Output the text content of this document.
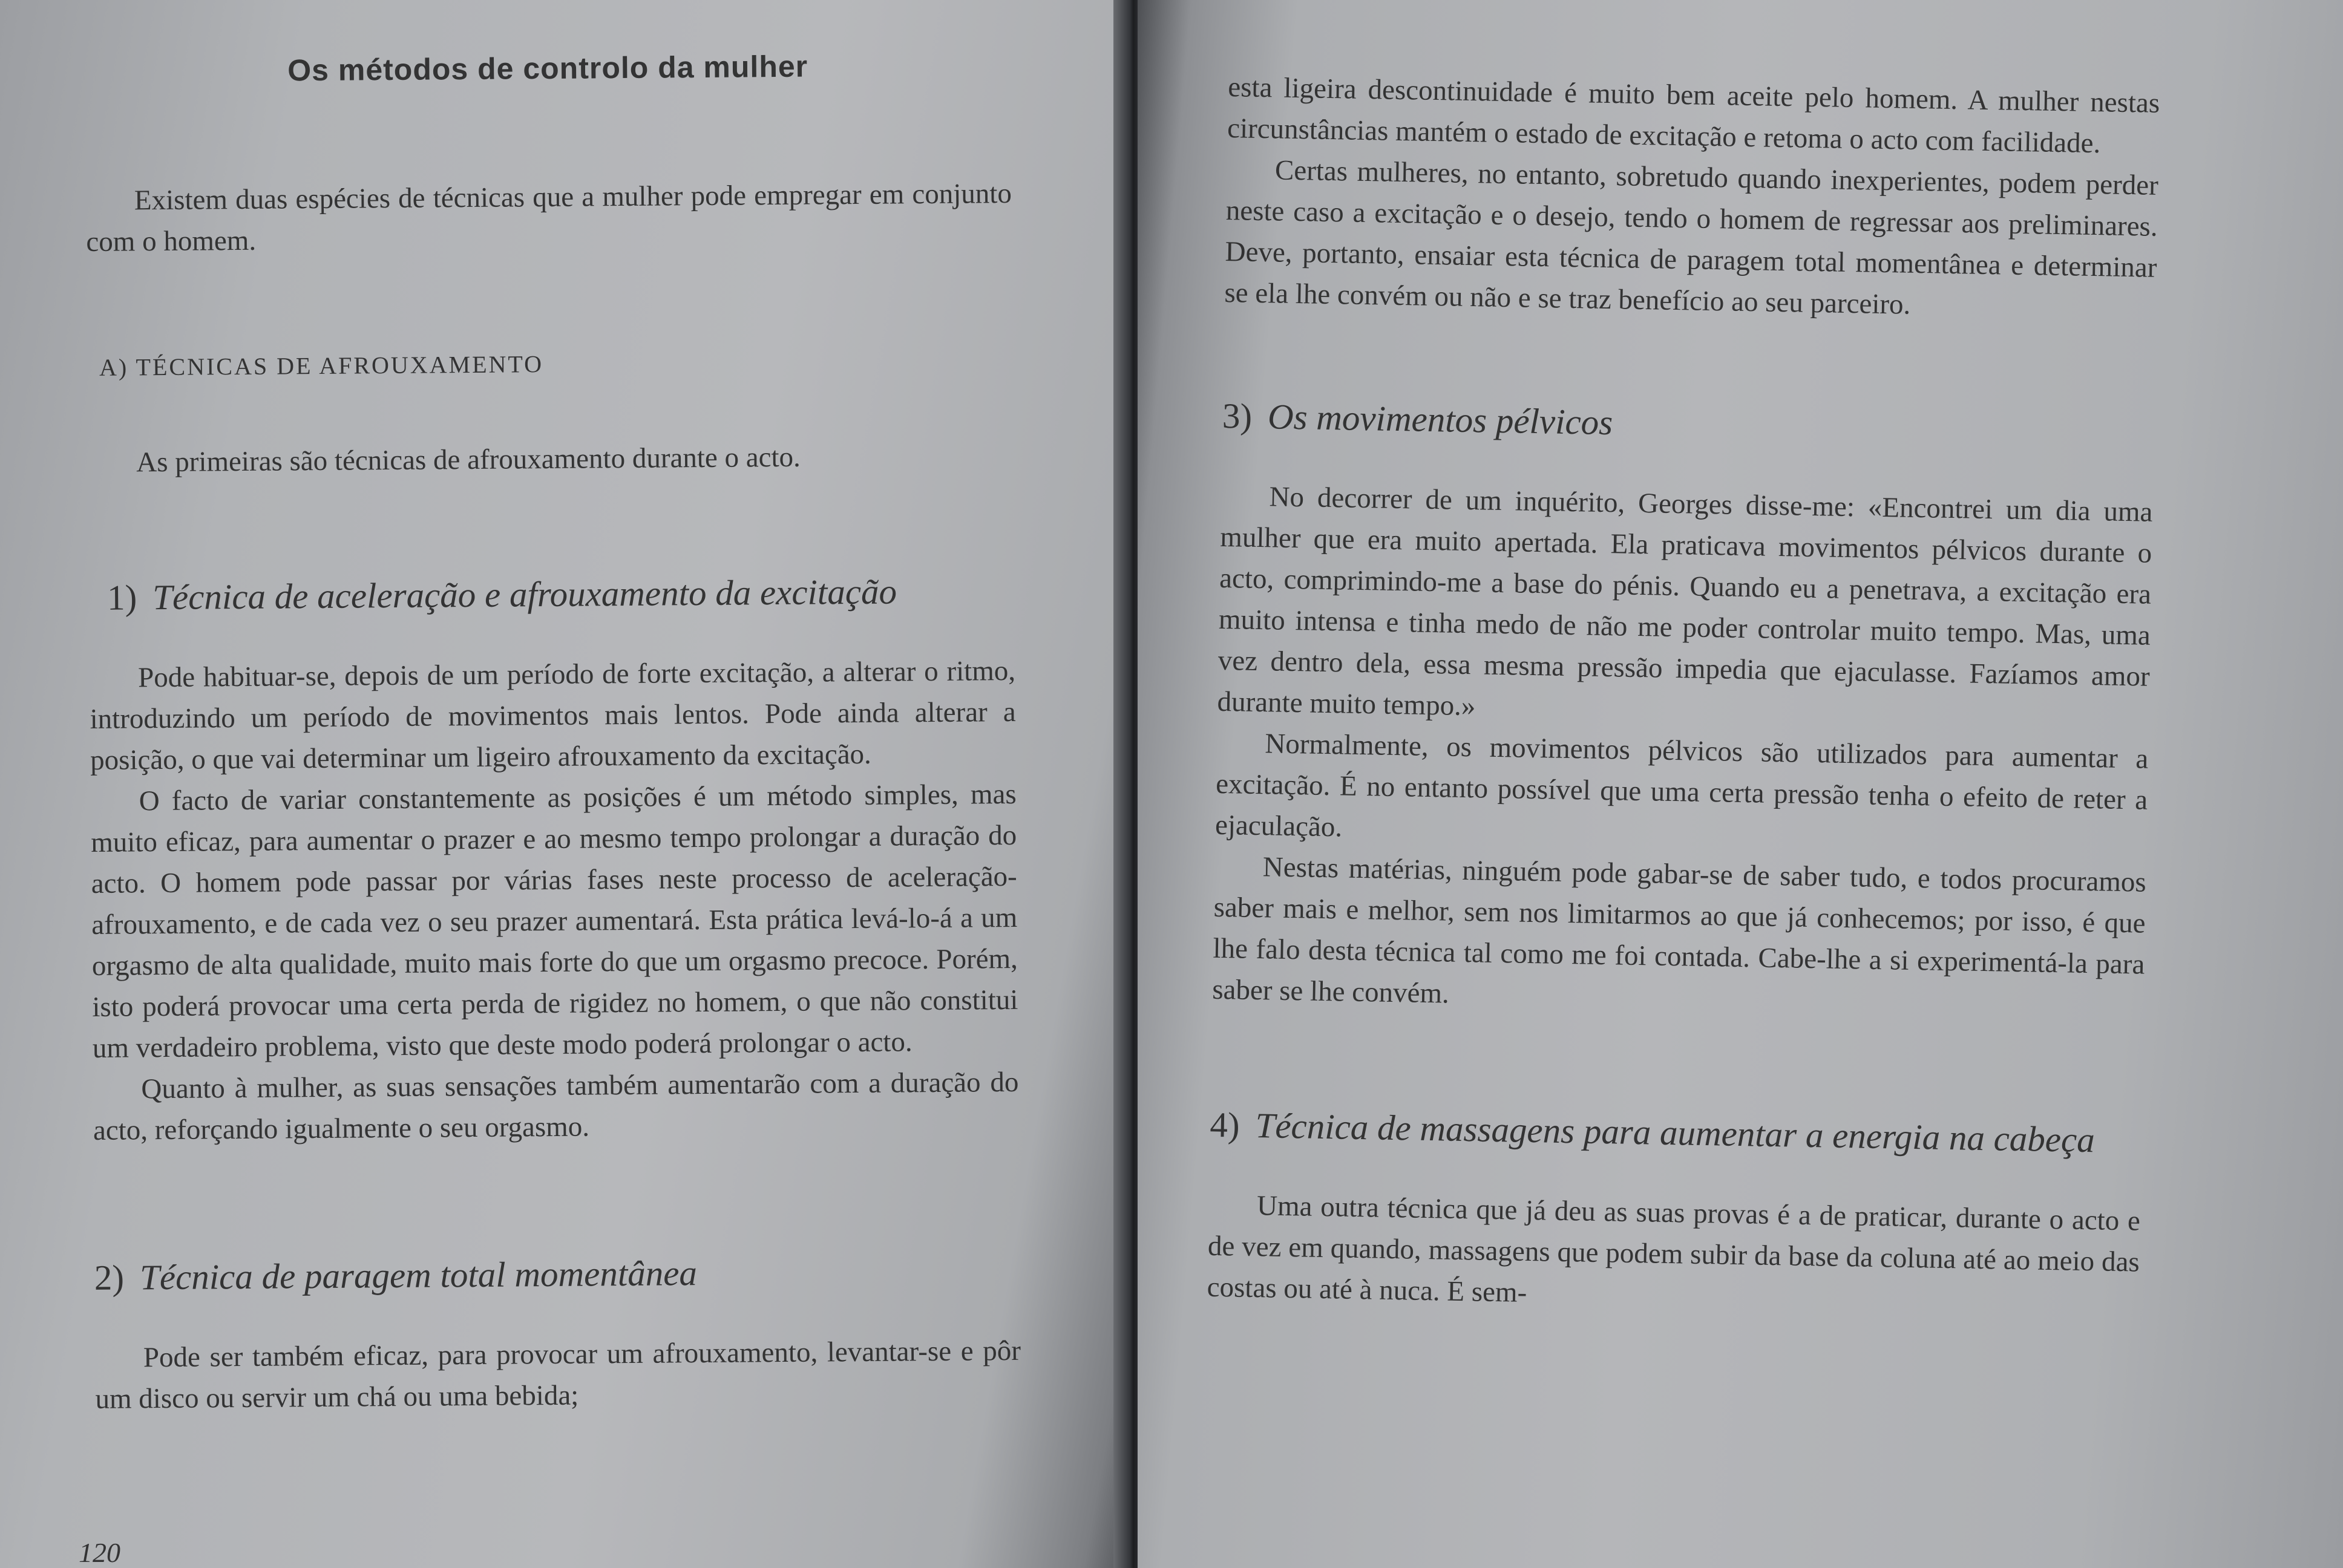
Os métodos de controlo da mulher

Existem duas espécies de técnicas que a mulher pode empregar em conjunto com o homem.

A) TÉCNICAS DE AFROUXAMENTO

As primeiras são técnicas de afrouxamento durante o acto.

1) Técnica de aceleração e afrouxamento da excitação

Pode habituar-se, depois de um período de forte excitação, a alterar o ritmo, introduzindo um período de movimentos mais lentos. Pode ainda alterar a posição, o que vai determinar um ligeiro afrouxamento da excitação.

O facto de variar constantemente as posições é um método simples, mas muito eficaz, para aumentar o prazer e ao mesmo tempo prolongar a duração do acto. O homem pode passar por várias fases neste processo de aceleração-afrouxamento, e de cada vez o seu prazer aumentará. Esta prática levá-lo-á a um orgasmo de alta qualidade, muito mais forte do que um orgasmo precoce. Porém, isto poderá provocar uma certa perda de rigidez no homem, o que não constitui um verdadeiro problema, visto que deste modo poderá prolongar o acto.

Quanto à mulher, as suas sensações também aumentarão com a duração do acto, reforçando igualmente o seu orgasmo.

2) Técnica de paragem total momentânea

Pode ser também eficaz, para provocar um afrouxamento, levantar-se e pôr um disco ou servir um chá ou uma bebida;

120

esta ligeira descontinuidade é muito bem aceite pelo homem. A mulher nestas circunstâncias mantém o estado de excitação e retoma o acto com facilidade.

Certas mulheres, no entanto, sobretudo quando inexperientes, podem perder neste caso a excitação e o desejo, tendo o homem de regressar aos preliminares. Deve, portanto, ensaiar esta técnica de paragem total momentânea e determinar se ela lhe convém ou não e se traz benefício ao seu parceiro.

3) Os movimentos pélvicos

No decorrer de um inquérito, Georges disse-me: «Encontrei um dia uma mulher que era muito apertada. Ela praticava movimentos pélvicos durante o acto, comprimindo-me a base do pénis. Quando eu a penetrava, a excitação era muito intensa e tinha medo de não me poder controlar muito tempo. Mas, uma vez dentro dela, essa mesma pressão impedia que ejaculasse. Fazíamos amor durante muito tempo.»

Normalmente, os movimentos pélvicos são utilizados para aumentar a excitação. É no entanto possível que uma certa pressão tenha o efeito de reter a ejaculação.

Nestas matérias, ninguém pode gabar-se de saber tudo, e todos procuramos saber mais e melhor, sem nos limitarmos ao que já conhecemos; por isso, é que lhe falo desta técnica tal como me foi contada. Cabe-lhe a si experimentá-la para saber se lhe convém.

4) Técnica de massagens para aumentar a energia na cabeça

Uma outra técnica que já deu as suas provas é a de praticar, durante o acto e de vez em quando, massagens que podem subir da base da coluna até ao meio das costas ou até à nuca. É sem-
